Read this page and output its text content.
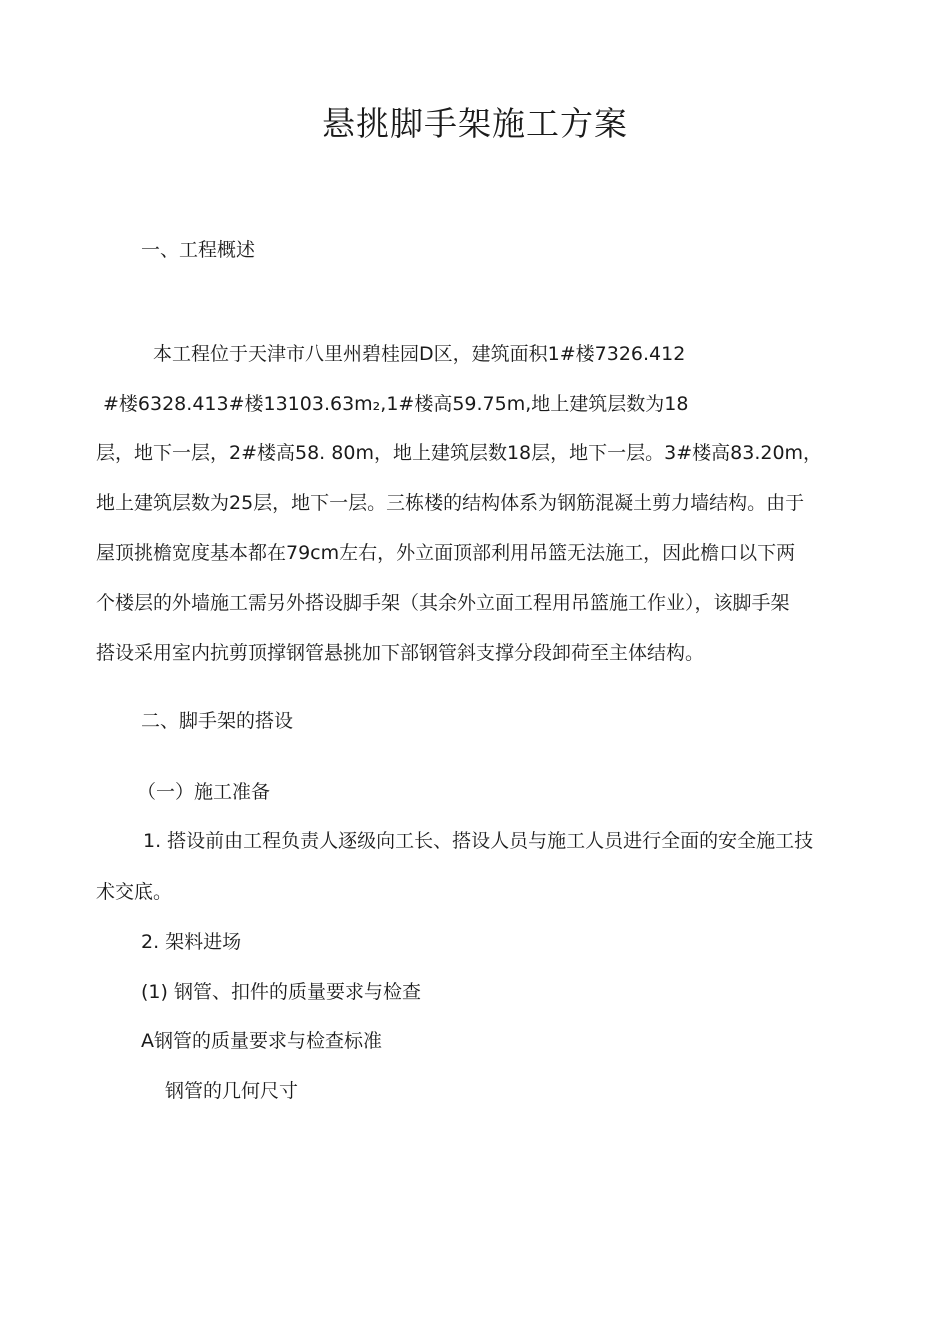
悬挑脚手架施工方案
一、工程概述
本工程位于天津市八里州碧桂园D区，建筑面积1#楼7326.412
#楼6328.413#楼13103.63m₂,1#楼高59.75m,地上建筑层数为18
层，地下一层，2#楼高58. 80m，地上建筑层数18层，地下一层。3#楼高83.20m，
地上建筑层数为25层，地下一层。三栋楼的结构体系为钢筋混凝土剪力墙结构。由于
屋顶挑檐宽度基本都在79cm左右，外立面顶部利用吊篮无法施工，因此檐口以下两
个楼层的外墙施工需另外搭设脚手架（其余外立面工程用吊篮施工作业），该脚手架
搭设采用室内抗剪顶撑钢管悬挑加下部钢管斜支撑分段卸荷至主体结构。
二、脚手架的搭设
（一）施工准备
1. 搭设前由工程负责人逐级向工长、搭设人员与施工人员进行全面的安全施工技
术交底。
2. 架料进场
(1) 钢管、扣件的质量要求与检查
A钢管的质量要求与检查标准
钢管的几何尺寸
